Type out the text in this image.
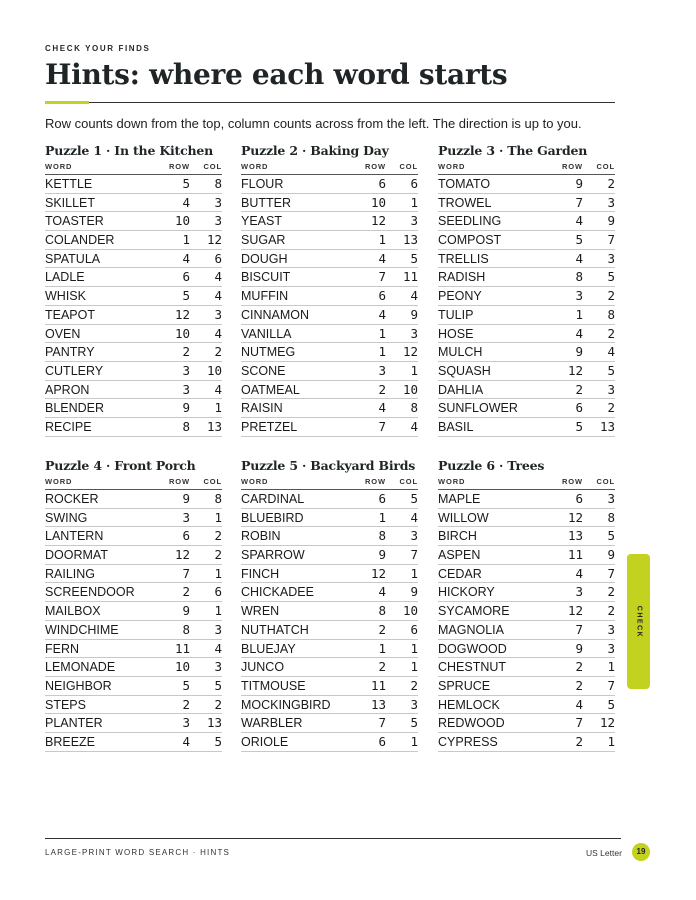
CHECK YOUR FINDS
Hints: where each word starts
Row counts down from the top, column counts across from the left. The direction is up to you.
Puzzle 1 · In the Kitchen
WORD	ROW	COL
KETTLE	5	8
SKILLET	4	3
TOASTER	10	3
COLANDER	1	12
SPATULA	4	6
LADLE	6	4
WHISK	5	4
TEAPOT	12	3
OVEN	10	4
PANTRY	2	2
CUTLERY	3	10
APRON	3	4
BLENDER	9	1
RECIPE	8	13
Puzzle 2 · Baking Day
WORD	ROW	COL
FLOUR	6	6
BUTTER	10	1
YEAST	12	3
SUGAR	1	13
DOUGH	4	5
BISCUIT	7	11
MUFFIN	6	4
CINNAMON	4	9
VANILLA	1	3
NUTMEG	1	12
SCONE	3	1
OATMEAL	2	10
RAISIN	4	8
PRETZEL	7	4
Puzzle 3 · The Garden
WORD	ROW	COL
TOMATO	9	2
TROWEL	7	3
SEEDLING	4	9
COMPOST	5	7
TRELLIS	4	3
RADISH	8	5
PEONY	3	2
TULIP	1	8
HOSE	4	2
MULCH	9	4
SQUASH	12	5
DAHLIA	2	3
SUNFLOWER	6	2
BASIL	5	13
Puzzle 4 · Front Porch
WORD	ROW	COL
ROCKER	9	8
SWING	3	1
LANTERN	6	2
DOORMAT	12	2
RAILING	7	1
SCREENDOOR	2	6
MAILBOX	9	1
WINDCHIME	8	3
FERN	11	4
LEMONADE	10	3
NEIGHBOR	5	5
STEPS	2	2
PLANTER	3	13
BREEZE	4	5
Puzzle 5 · Backyard Birds
WORD	ROW	COL
CARDINAL	6	5
BLUEBIRD	1	4
ROBIN	8	3
SPARROW	9	7
FINCH	12	1
CHICKADEE	4	9
WREN	8	10
NUTHATCH	2	6
BLUEJAY	1	1
JUNCO	2	1
TITMOUSE	11	2
MOCKINGBIRD	13	3
WARBLER	7	5
ORIOLE	6	1
Puzzle 6 · Trees
WORD	ROW	COL
MAPLE	6	3
WILLOW	12	8
BIRCH	13	5
ASPEN	11	9
CEDAR	4	7
HICKORY	3	2
SYCAMORE	12	2
MAGNOLIA	7	3
DOGWOOD	9	3
CHESTNUT	2	1
SPRUCE	2	7
HEMLOCK	4	5
REDWOOD	7	12
CYPRESS	2	1
CHECK
LARGE-PRINT WORD SEARCH · HINTS	US Letter	19
